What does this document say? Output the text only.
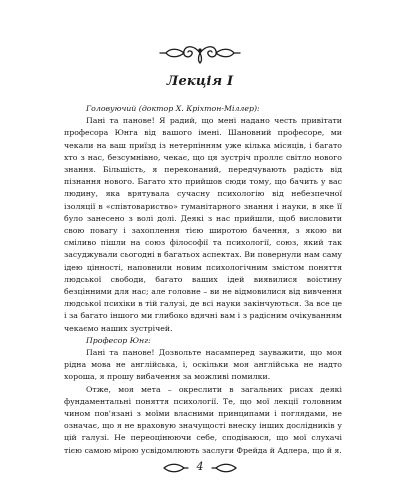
Лекція I

Головуючий (доктор Х. Кріхтон-Міллер):

Пані та панове! Я радий, що мені надано честь привітати професора Юнга від вашого імені. Шановний професоре, ми чекали на ваш приїзд із нетерпінням уже кілька місяців, і багато хто з нас, безсумнівно, чекає, що ця зустріч проллє світло нового знання. Більшість, я переконаний, передчувають радість від пізнання нового. Багато хто прийшов сюди тому, що бачить у вас людину, яка врятувала сучасну психологію від небезпечної ізоляції в «співтовариство» гуманітарного знання і науки, в яке її було занесено з волі долі. Деякі з нас прийшли, щоб висловити свою повагу і захоплення тією широтою бачення, з якою ви сміливо пішли на союз філософії та психології, союз, який так засуджували сьогодні в багатьох аспектах. Ви повернули нам саму ідею цінності, наповнили новим психологічним змістом поняття людської свободи, багато ваших ідей виявилися воістину безцінними для нас; але головне – ви не відмовилися від вивчення людської психіки в тій галузі, де всі науки закінчуються. За все це і за багато іншого ми глибоко вдячні вам і з радісним очікуванням чекаємо наших зустрічей.

Професор Юнг:

Пані та панове! Дозвольте насамперед зауважити, що моя рідна мова не англійська, і, оскільки моя англійська не надто хороша, я прошу вибачення за можливі помилки.

Отже, моя мета – окреслити в загальних рисах деякі фундаментальні поняття психології. Те, що мої лекції головним чином пов'язані з моїми власними принципами і поглядами, не означає, що я не враховую значущості внеску інших дослідників у цій галузі. Не переоцінюючи себе, сподіваюся, що мої слухачі тією самою мірою усвідомлюють заслуги Фрейда й Адлера, що й я.

4
